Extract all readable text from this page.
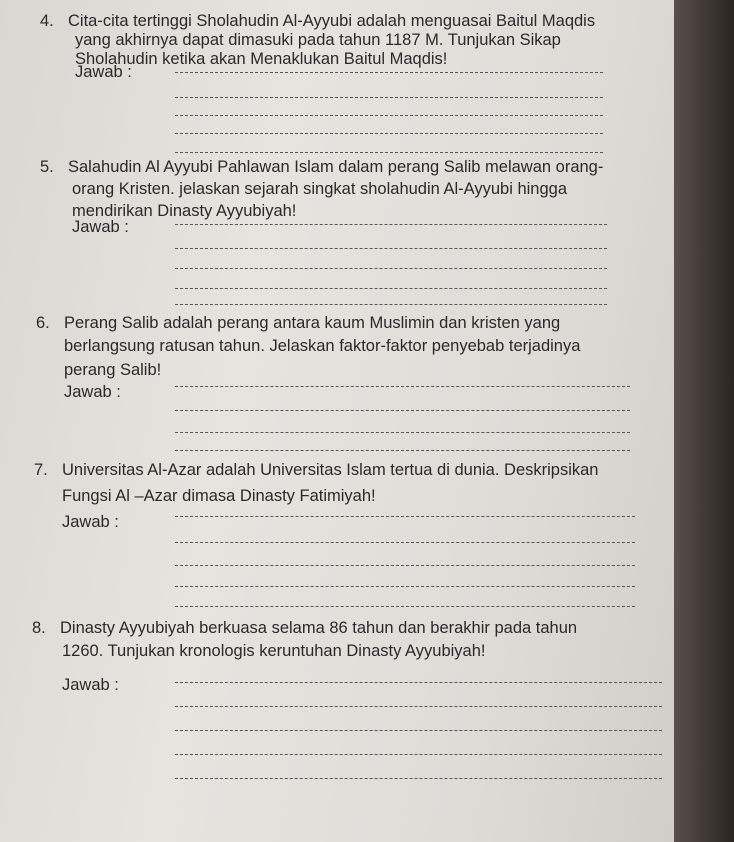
4. Cita-cita tertinggi Sholahudin Al-Ayyubi adalah menguasai Baitul Maqdis
yang akhirnya dapat dimasuki pada tahun 1187 M. Tunjukan Sikap
Sholahudin ketika akan Menaklukan Baitul Maqdis!
Jawab :
5. Salahudin Al Ayyubi Pahlawan Islam dalam perang Salib melawan orang-
orang Kristen. jelaskan sejarah singkat sholahudin Al-Ayyubi hingga
mendirikan Dinasty Ayyubiyah!
Jawab :
6. Perang Salib adalah perang antara kaum Muslimin dan kristen yang
berlangsung ratusan tahun. Jelaskan faktor-faktor penyebab terjadinya
perang Salib!
Jawab :
7. Universitas Al-Azar adalah Universitas Islam tertua di dunia. Deskripsikan
Fungsi Al –Azar dimasa Dinasty Fatimiyah!
Jawab :
8. Dinasty Ayyubiyah berkuasa selama 86 tahun dan berakhir pada tahun
1260. Tunjukan kronologis keruntuhan Dinasty Ayyubiyah!
Jawab :
